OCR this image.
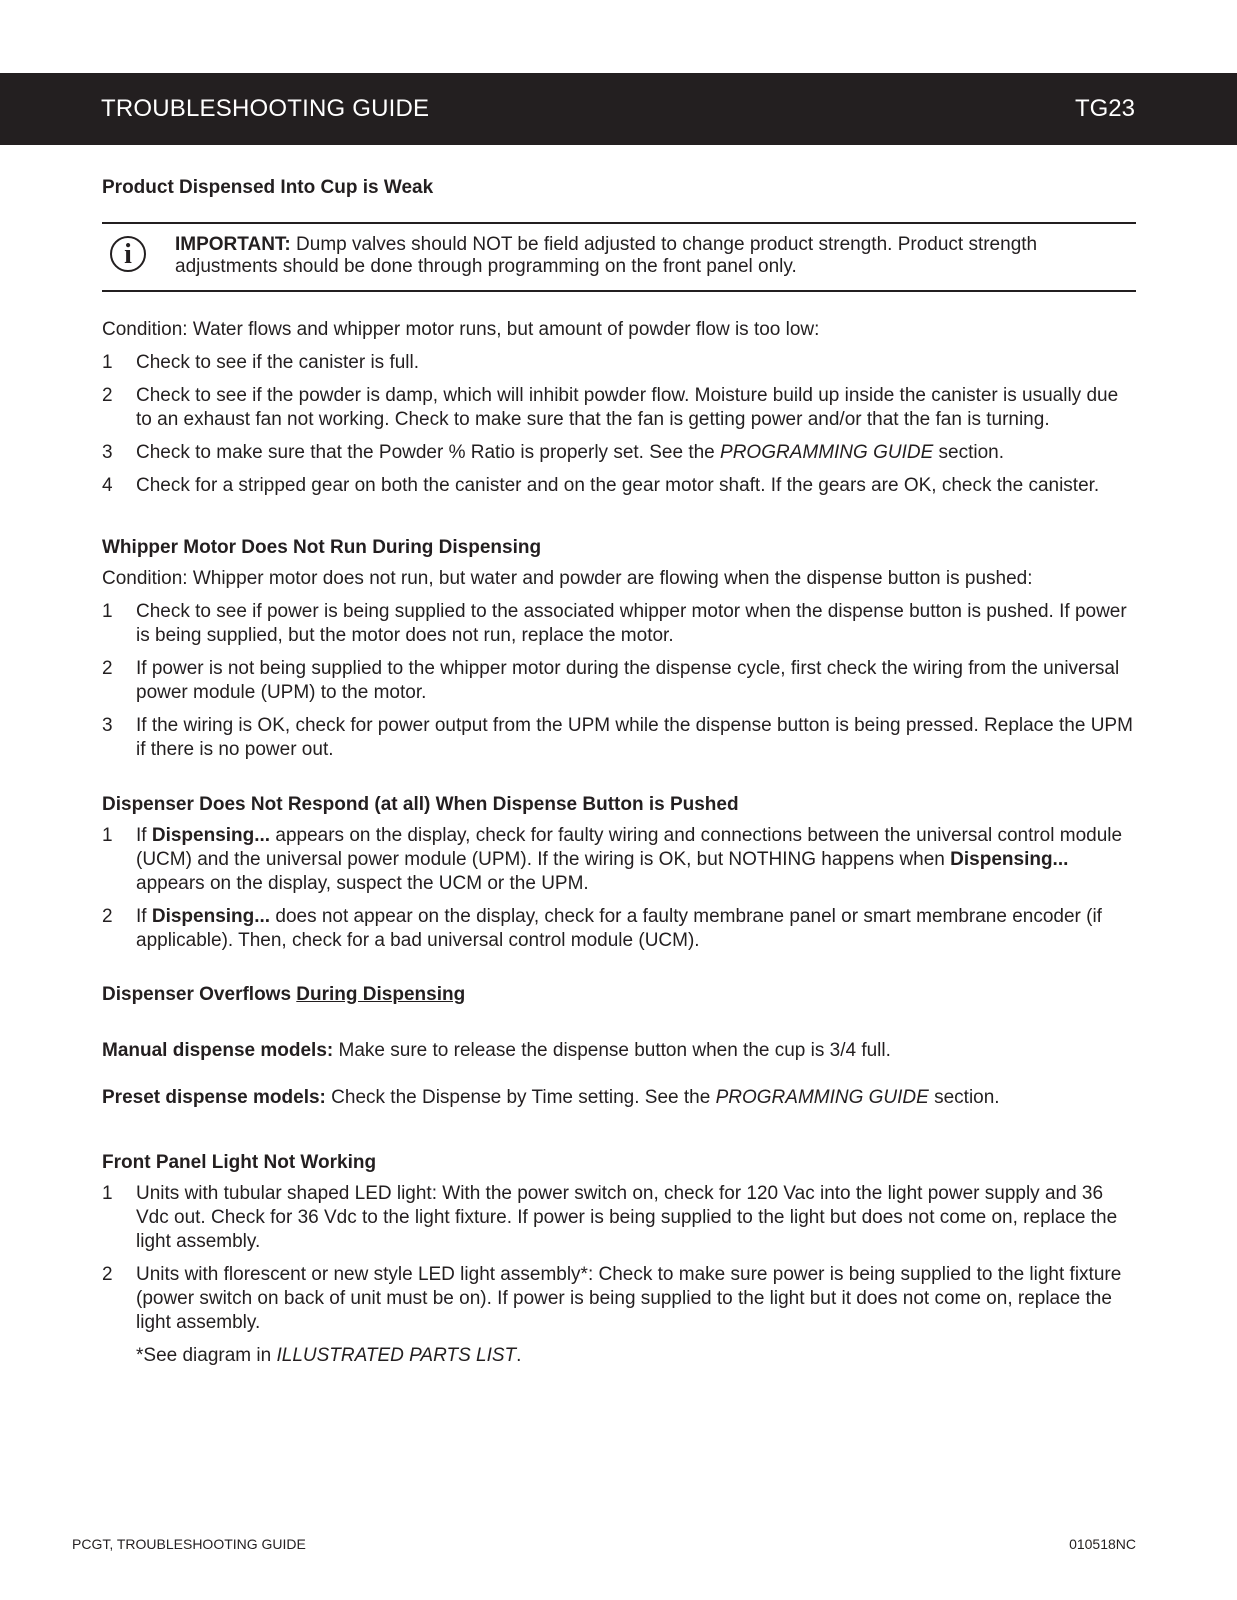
TROUBLESHOOTING GUIDE	TG23
Product Dispensed Into Cup is Weak
i	IMPORTANT: Dump valves should NOT be field adjusted to change product strength. Product strength adjustments should be done through programming on the front panel only.

Condition: Water flows and whipper motor runs, but amount of powder flow is too low:

1 Check to see if the canister is full.
2 Check to see if the powder is damp, which will inhibit powder flow. Moisture build up inside the canister is usually due to an exhaust fan not working. Check to make sure that the fan is getting power and/or that the fan is turning.
3 Check to make sure that the Powder % Ratio is properly set. See the PROGRAMMING GUIDE section.
4 Check for a stripped gear on both the canister and on the gear motor shaft. If the gears are OK, check the canister.
Whipper Motor Does Not Run During Dispensing

Condition: Whipper motor does not run, but water and powder are flowing when the dispense button is pushed:

1 Check to see if power is being supplied to the associated whipper motor when the dispense button is pushed. If power is being supplied, but the motor does not run, replace the motor.
2 If power is not being supplied to the whipper motor during the dispense cycle, first check the wiring from the universal power module (UPM) to the motor.
3 If the wiring is OK, check for power output from the UPM while the dispense button is being pressed. Replace the UPM if there is no power out.
Dispenser Does Not Respond (at all) When Dispense Button is Pushed
1 If Dispensing... appears on the display, check for faulty wiring and connections between the universal control module (UCM) and the universal power module (UPM). If the wiring is OK, but NOTHING happens when Dispensing... appears on the display, suspect the UCM or the UPM.
2 If Dispensing... does not appear on the display, check for a faulty membrane panel or smart membrane encoder (if applicable). Then, check for a bad universal control module (UCM).
Dispenser Overflows During Dispensing

Manual dispense models: Make sure to release the dispense button when the cup is 3/4 full.

Preset dispense models: Check the Dispense by Time setting. See the PROGRAMMING GUIDE section.

Front Panel Light Not Working
1 Units with tubular shaped LED light: With the power switch on, check for 120 Vac into the light power supply and 36 Vdc out. Check for 36 Vdc to the light fixture. If power is being supplied to the light but does not come on, replace the light assembly.
2 Units with florescent or new style LED light assembly*: Check to make sure power is being supplied to the light fixture (power switch on back of unit must be on). If power is being supplied to the light but it does not come on, replace the light assembly.

*See diagram in ILLUSTRATED PARTS LIST.

PCGT, TROUBLESHOOTING GUIDE	010518NC
